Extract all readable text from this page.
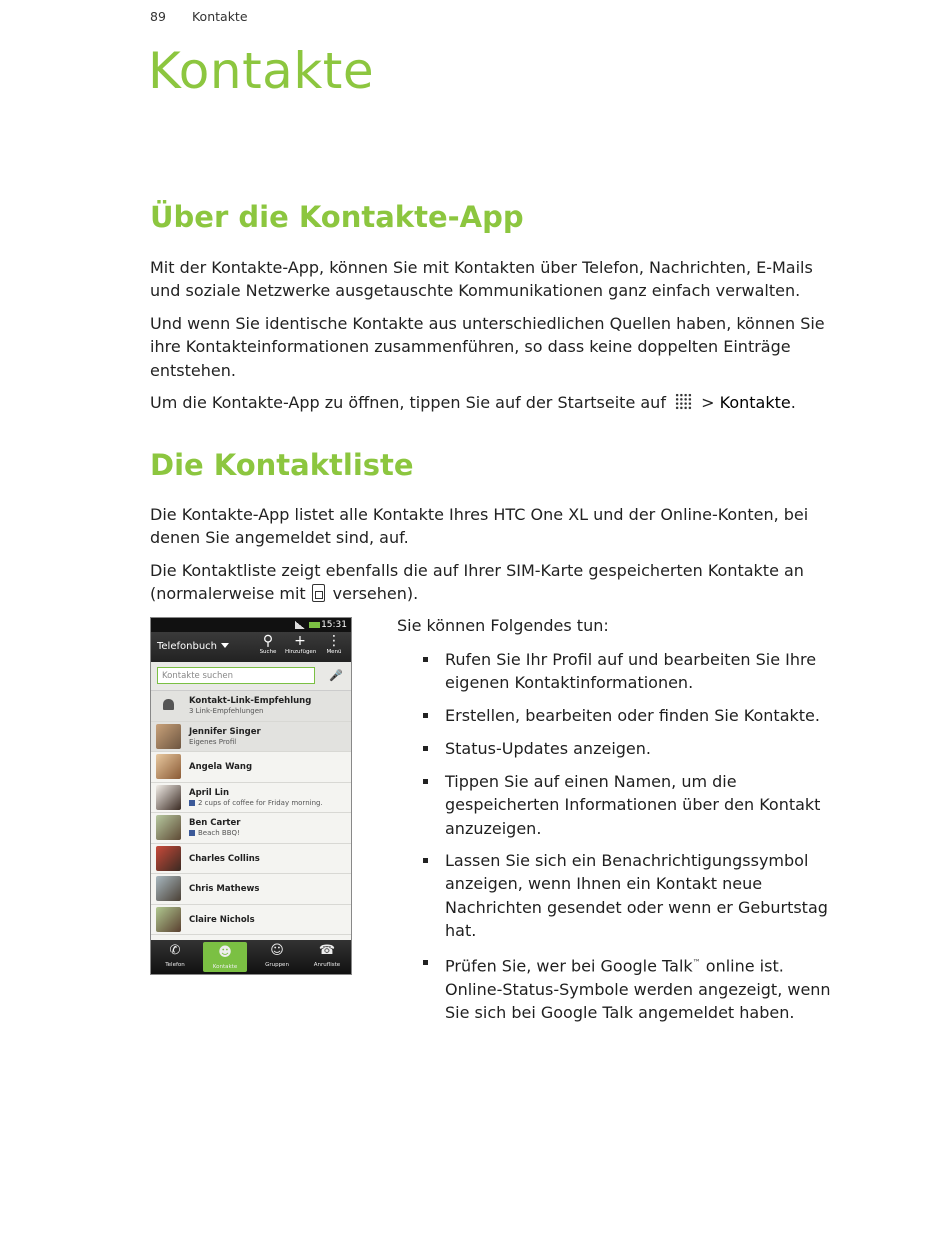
89 Kontakte
Kontakte
Über die Kontakte-App

Mit der Kontakte-App, können Sie mit Kontakten über Telefon, Nachrichten, E-Mails und soziale Netzwerke ausgetauschte Kommunikationen ganz einfach verwalten.

Und wenn Sie identische Kontakte aus unterschiedlichen Quellen haben, können Sie ihre Kontakteinformationen zusammenführen, so dass keine doppelten Einträge entstehen.

Um die Kontakte-App zu öffnen, tippen Sie auf der Startseite auf > Kontakte.

Die Kontaktliste

Die Kontakte-App listet alle Kontakte Ihres HTC One XL und der Online-Konten, bei denen Sie angemeldet sind, auf.

Die Kontaktliste zeigt ebenfalls die auf Ihrer SIM-Karte gespeicherten Kontakte an (normalerweise mit versehen).

15:31
Telefonbuch	⚲
Suche
+
Hinzufügen
⋮
Menü
Kontakte suchen	🎤
Kontakt-Link-Empfehlung
3 Link-Empfehlungen
Jennifer Singer
Eigenes Profil
Angela Wang
April Lin
2 cups of coffee for Friday morning.
Ben Carter
Beach BBQ!
Charles Collins
Chris Mathews
Claire Nichols
✆
Telefon
☻
Kontakte
☺
Gruppen
☎
Anrufliste

Sie können Folgendes tun:

Rufen Sie Ihr Profil auf und bearbeiten Sie Ihre eigenen Kontaktinformationen.

Erstellen, bearbeiten oder finden Sie Kontakte.

Status-Updates anzeigen.

Tippen Sie auf einen Namen, um die gespeicherten Informationen über den Kontakt anzuzeigen.

Lassen Sie sich ein Benachrichtigungssymbol anzeigen, wenn Ihnen ein Kontakt neue Nachrichten gesendet oder wenn er Geburtstag hat.

Prüfen Sie, wer bei Google Talk™ online ist. Online-Status-Symbole werden angezeigt, wenn Sie sich bei Google Talk angemeldet haben.
